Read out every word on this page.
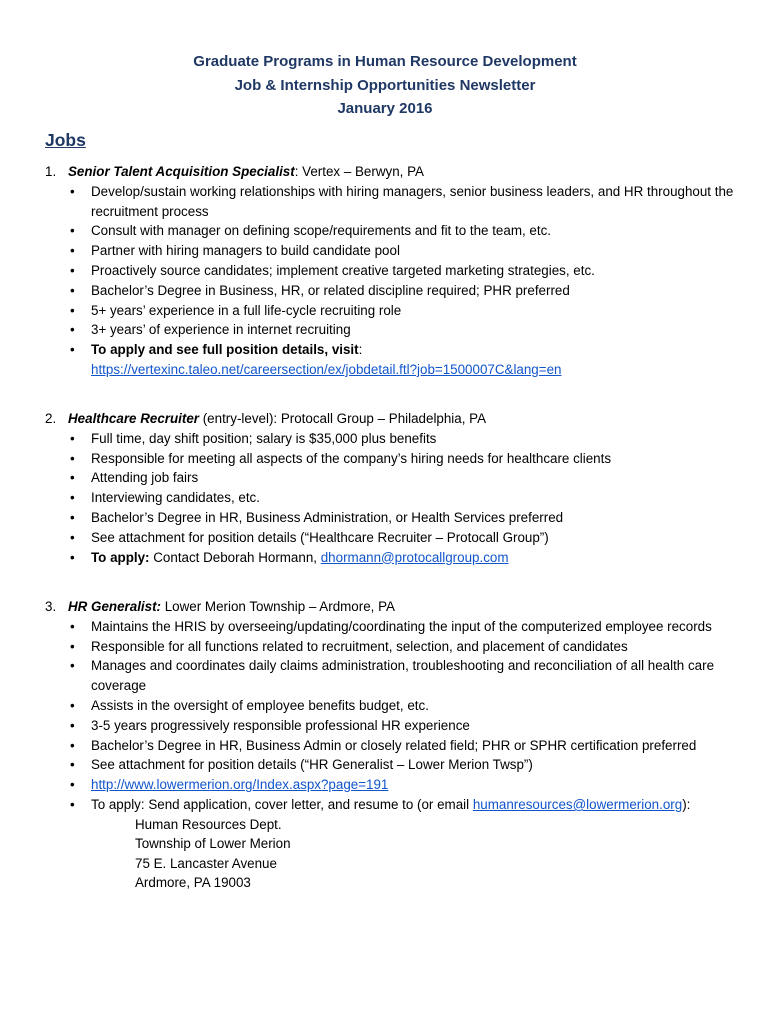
Graduate Programs in Human Resource Development
Job & Internship Opportunities Newsletter
January 2016
Jobs
1. Senior Talent Acquisition Specialist: Vertex – Berwyn, PA
• Develop/sustain working relationships with hiring managers, senior business leaders, and HR throughout the recruitment process
• Consult with manager on defining scope/requirements and fit to the team, etc.
• Partner with hiring managers to build candidate pool
• Proactively source candidates; implement creative targeted marketing strategies, etc.
• Bachelor’s Degree in Business, HR, or related discipline required; PHR preferred
• 5+ years’ experience in a full life-cycle recruiting role
• 3+ years’ of experience in internet recruiting
• To apply and see full position details, visit:
https://vertexinc.taleo.net/careersection/ex/jobdetail.ftl?job=1500007C&lang=en
2. Healthcare Recruiter (entry-level): Protocall Group – Philadelphia, PA
• Full time, day shift position; salary is $35,000 plus benefits
• Responsible for meeting all aspects of the company’s hiring needs for healthcare clients
• Attending job fairs
• Interviewing candidates, etc.
• Bachelor’s Degree in HR, Business Administration, or Health Services preferred
• See attachment for position details (“Healthcare Recruiter – Protocall Group”)
• To apply: Contact Deborah Hormann, dhormann@protocallgroup.com
3. HR Generalist: Lower Merion Township – Ardmore, PA
• Maintains the HRIS by overseeing/updating/coordinating the input of the computerized employee records
• Responsible for all functions related to recruitment, selection, and placement of candidates
• Manages and coordinates daily claims administration, troubleshooting and reconciliation of all health care coverage
• Assists in the oversight of employee benefits budget, etc.
• 3-5 years progressively responsible professional HR experience
• Bachelor’s Degree in HR, Business Admin or closely related field; PHR or SPHR certification preferred
• See attachment for position details (“HR Generalist – Lower Merion Twsp”)
• http://www.lowermerion.org/Index.aspx?page=191
• To apply: Send application, cover letter, and resume to (or email humanresources@lowermerion.org):
Human Resources Dept.
Township of Lower Merion
75 E. Lancaster Avenue
Ardmore, PA 19003
